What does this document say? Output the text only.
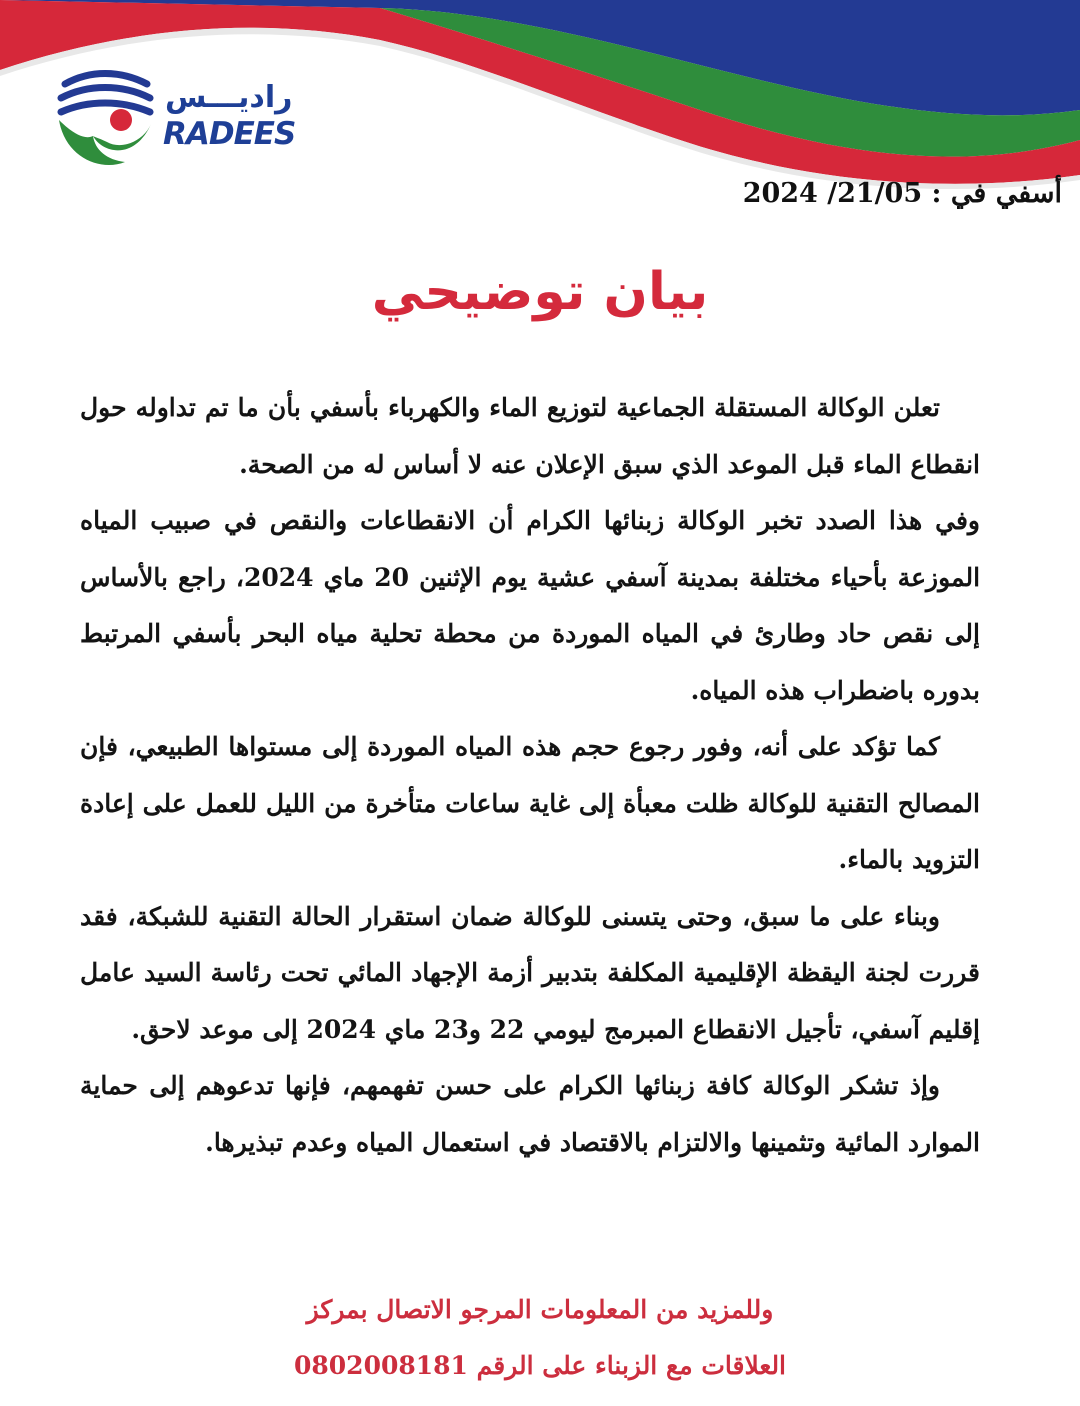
راديـــس
RADEES
أسفي في : 21/05/ 2024
بيان توضيحي

تعلن الوكالة المستقلة الجماعية لتوزيع الماء والكهرباء بأسفي بأن ما تم تداوله حول انقطاع الماء قبل الموعد الذي سبق الإعلان عنه لا أساس له من الصحة.

وفي هذا الصدد تخبر الوكالة زبنائها الكرام أن الانقطاعات والنقص في صبيب المياه الموزعة بأحياء مختلفة بمدينة آسفي عشية يوم الإثنين 20 ماي 2024، راجع بالأساس إلى نقص حاد وطارئ في المياه الموردة من محطة تحلية مياه البحر بأسفي المرتبط بدوره باضطراب هذه المياه.

كما تؤكد على أنه، وفور رجوع حجم هذه المياه الموردة إلى مستواها الطبيعي، فإن المصالح التقنية للوكالة ظلت معبأة إلى غاية ساعات متأخرة من الليل للعمل على إعادة التزويد بالماء.

وبناء على ما سبق، وحتى يتسنى للوكالة ضمان استقرار الحالة التقنية للشبكة، فقد قررت لجنة اليقظة الإقليمية المكلفة بتدبير أزمة الإجهاد المائي تحت رئاسة السيد عامل إقليم آسفي، تأجيل الانقطاع المبرمج ليومي 22 و23 ماي 2024 إلى موعد لاحق.

وإذ تشكر الوكالة كافة زبنائها الكرام على حسن تفهمهم، فإنها تدعوهم إلى حماية الموارد المائية وتثمينها والالتزام بالاقتصاد في استعمال المياه وعدم تبذيرها.

وللمزيد من المعلومات المرجو الاتصال بمركز
العلاقات مع الزبناء على الرقم 0802008181
